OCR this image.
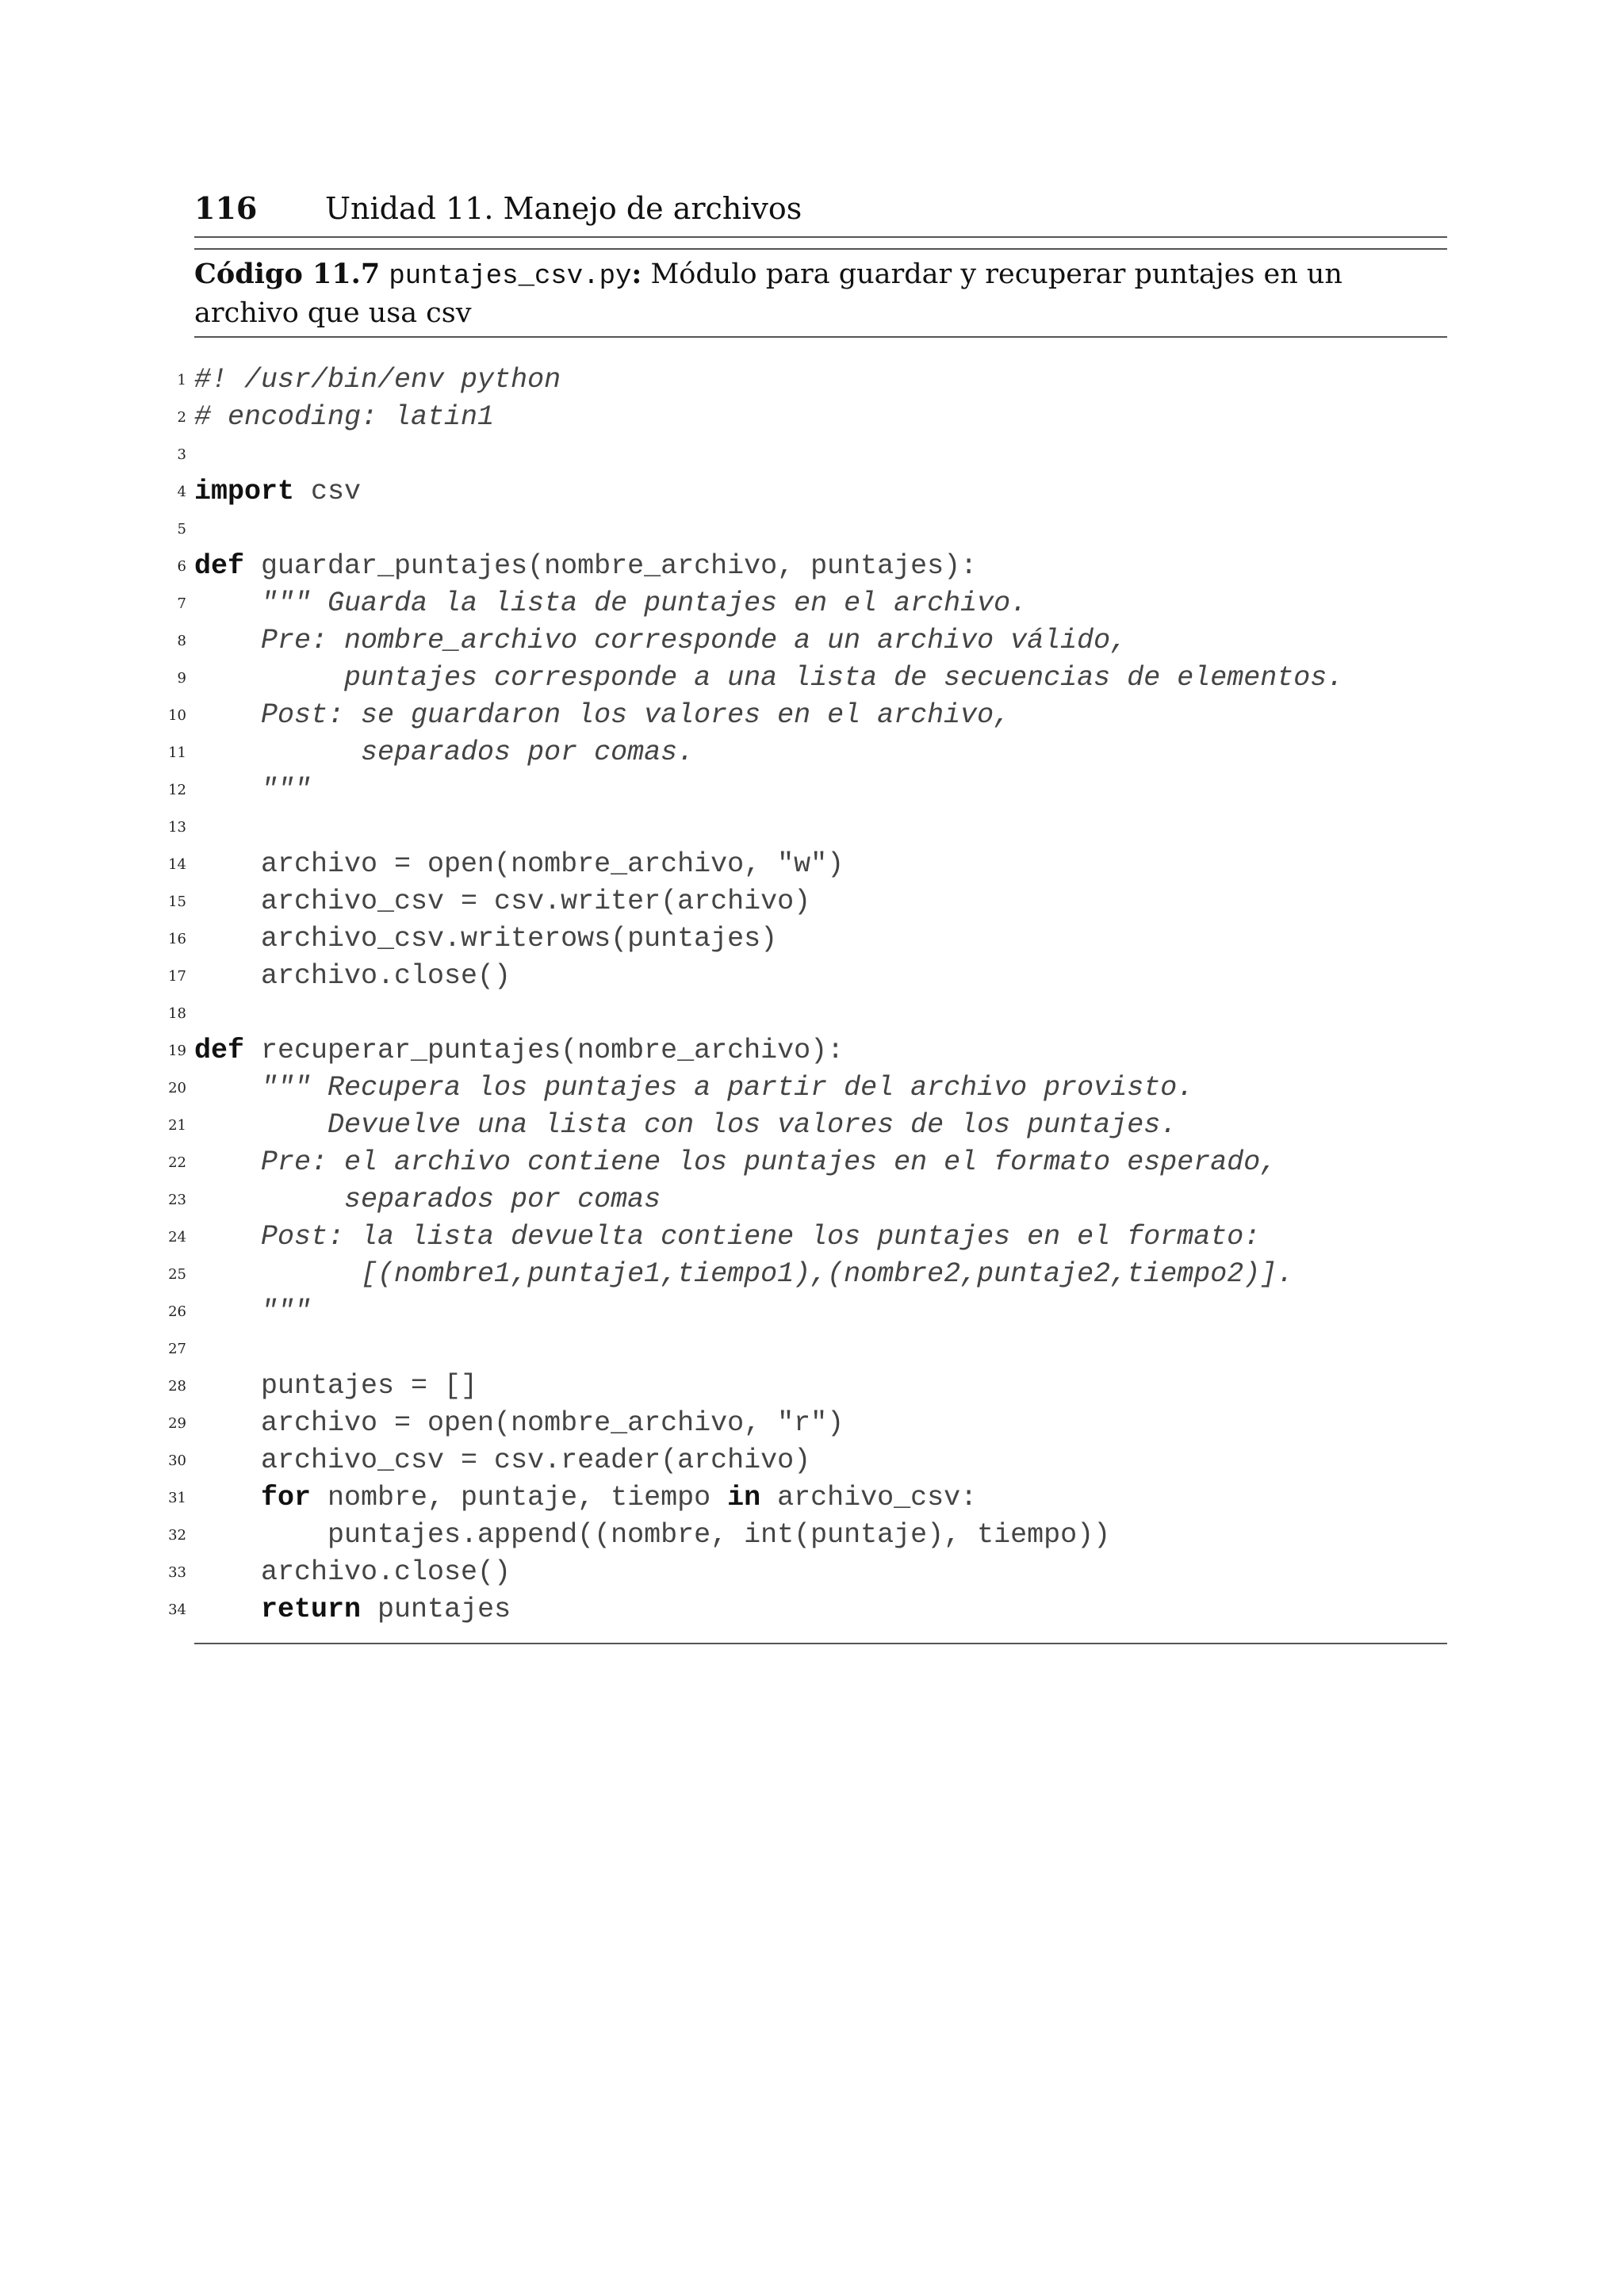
116	Unidad 11. Manejo de archivos
Código 11.7 puntajes_csv.py: Módulo para guardar y recuperar puntajes en un archivo que usa csv
1 #! /usr/bin/env python
2 # encoding: latin1
3
4 import csv
5
6 def guardar_puntajes(nombre_archivo, puntajes):
7 """ Guarda la lista de puntajes en el archivo.
8 Pre: nombre_archivo corresponde a un archivo válido,
9 puntajes corresponde a una lista de secuencias de elementos.
10 Post: se guardaron los valores en el archivo,
11 separados por comas.
12 """
13
14 archivo = open(nombre_archivo, "w")
15 archivo_csv = csv.writer(archivo)
16 archivo_csv.writerows(puntajes)
17 archivo.close()
18
19 def recuperar_puntajes(nombre_archivo):
20 """ Recupera los puntajes a partir del archivo provisto.
21 Devuelve una lista con los valores de los puntajes.
22 Pre: el archivo contiene los puntajes en el formato esperado,
23 separados por comas
24 Post: la lista devuelta contiene los puntajes en el formato:
25 [(nombre1,puntaje1,tiempo1),(nombre2,puntaje2,tiempo2)].
26 """
27
28 puntajes = []
29 archivo = open(nombre_archivo, "r")
30 archivo_csv = csv.reader(archivo)
31	for nombre, puntaje, tiempo in archivo_csv:
32 puntajes.append((nombre, int(puntaje), tiempo))
33 archivo.close()
34	return puntajes
